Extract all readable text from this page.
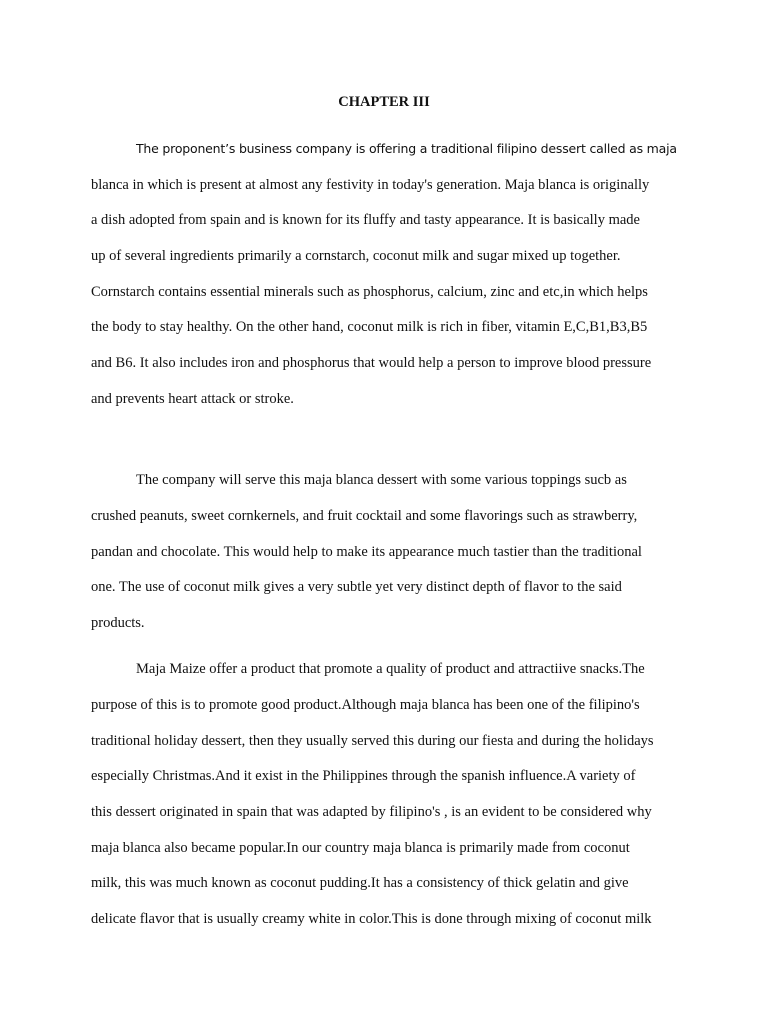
CHAPTER III

The proponent’s business company is offering a traditional filipino dessert called as maja

blanca in which is present at almost any festivity in today's generation. Maja blanca is originally

a dish adopted from spain and is known for its fluffy and tasty appearance. It is basically made

up of several ingredients primarily a cornstarch, coconut milk and sugar mixed up together.

Cornstarch contains essential minerals such as phosphorus, calcium, zinc and etc,in which helps

the body to stay healthy. On the other hand, coconut milk is rich in fiber, vitamin E,C,B1,B3,B5

and B6. It also includes iron and phosphorus that would help a person to improve blood pressure

and prevents heart attack or stroke.

The company will serve this maja blanca dessert with some various toppings sucb as

crushed peanuts, sweet cornkernels, and fruit cocktail and some flavorings such as strawberry,

pandan and chocolate. This would help to make its appearance much tastier than the traditional

one. The use of coconut milk gives a very subtle yet very distinct depth of flavor to the said

products.

Maja Maize offer a product that promote a quality of product and attractiive snacks.The

purpose of this is to promote good product.Although maja blanca has been one of the filipino's

traditional holiday dessert, then they usually served this during our fiesta and during the holidays

especially Christmas.And it exist in the Philippines through the spanish influence.A variety of

this dessert originated in spain that was adapted by filipino's , is an evident to be considered why

maja blanca also became popular.In our country maja blanca is primarily made from coconut

milk, this was much known as coconut pudding.It has a consistency of thick gelatin and give

delicate flavor that is usually creamy white in color.This is done through mixing of coconut milk
